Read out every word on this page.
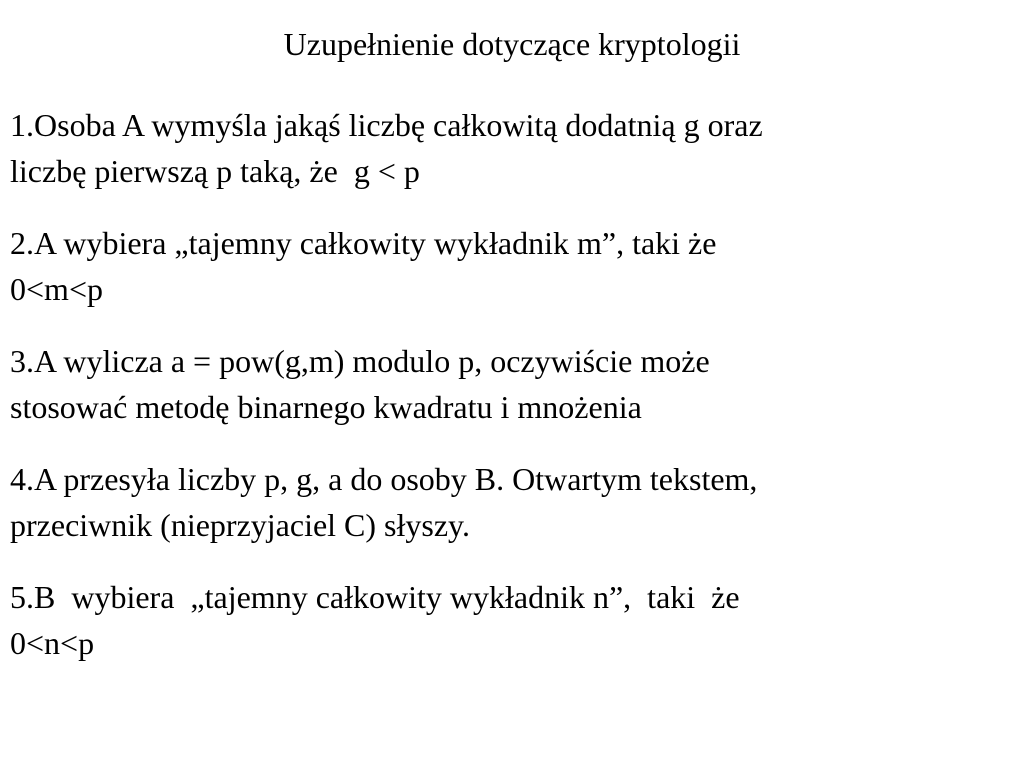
Uzupełnienie dotyczące kryptologii
1.Osoba A wymyśla jakąś liczbę całkowitą dodatnią g oraz
liczbę pierwszą p taką, że  g < p
2.A wybiera „tajemny całkowity wykładnik m”, taki że
0<m<p
3.A wylicza a = pow(g,m) modulo p, oczywiście może
stosować metodę binarnego kwadratu i mnożenia
4.A przesyła liczby p, g, a do osoby B. Otwartym tekstem,
przeciwnik (nieprzyjaciel C) słyszy.
5.B  wybiera  „tajemny całkowity wykładnik n”,  taki  że
0<n<p
